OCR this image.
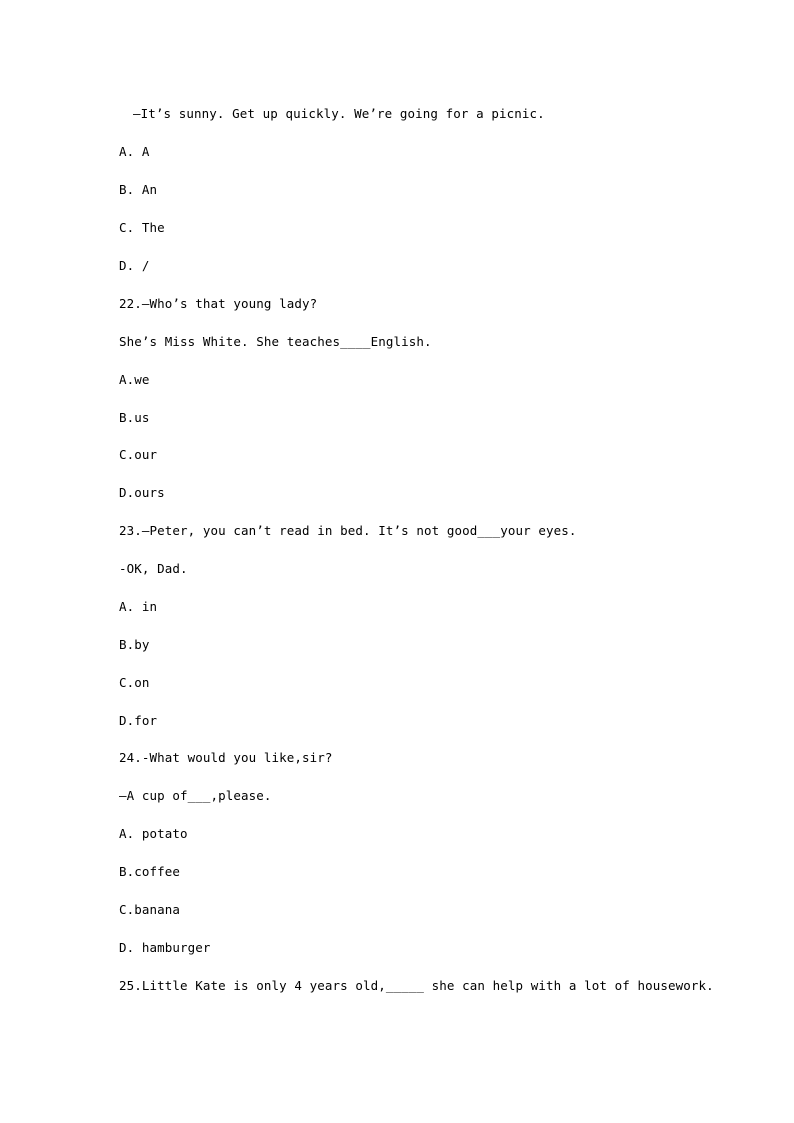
—It’s sunny. Get up quickly. We’re going for a picnic.
A. A
B. An
C. The
D. /
22.—Who’s that young lady?
She’s Miss White. She teaches____English.
A.we
B.us
C.our
D.ours
23.—Peter, you can’t read in bed. It’s not good___your eyes.
-OK, Dad.
A. in
B.by
C.on
D.for
24.-What would you like,sir?
—A cup of___,please.
A. potato
B.coffee
C.banana
D. hamburger
25.Little Kate is only 4 years old,_____ she can help with a lot of housework.
